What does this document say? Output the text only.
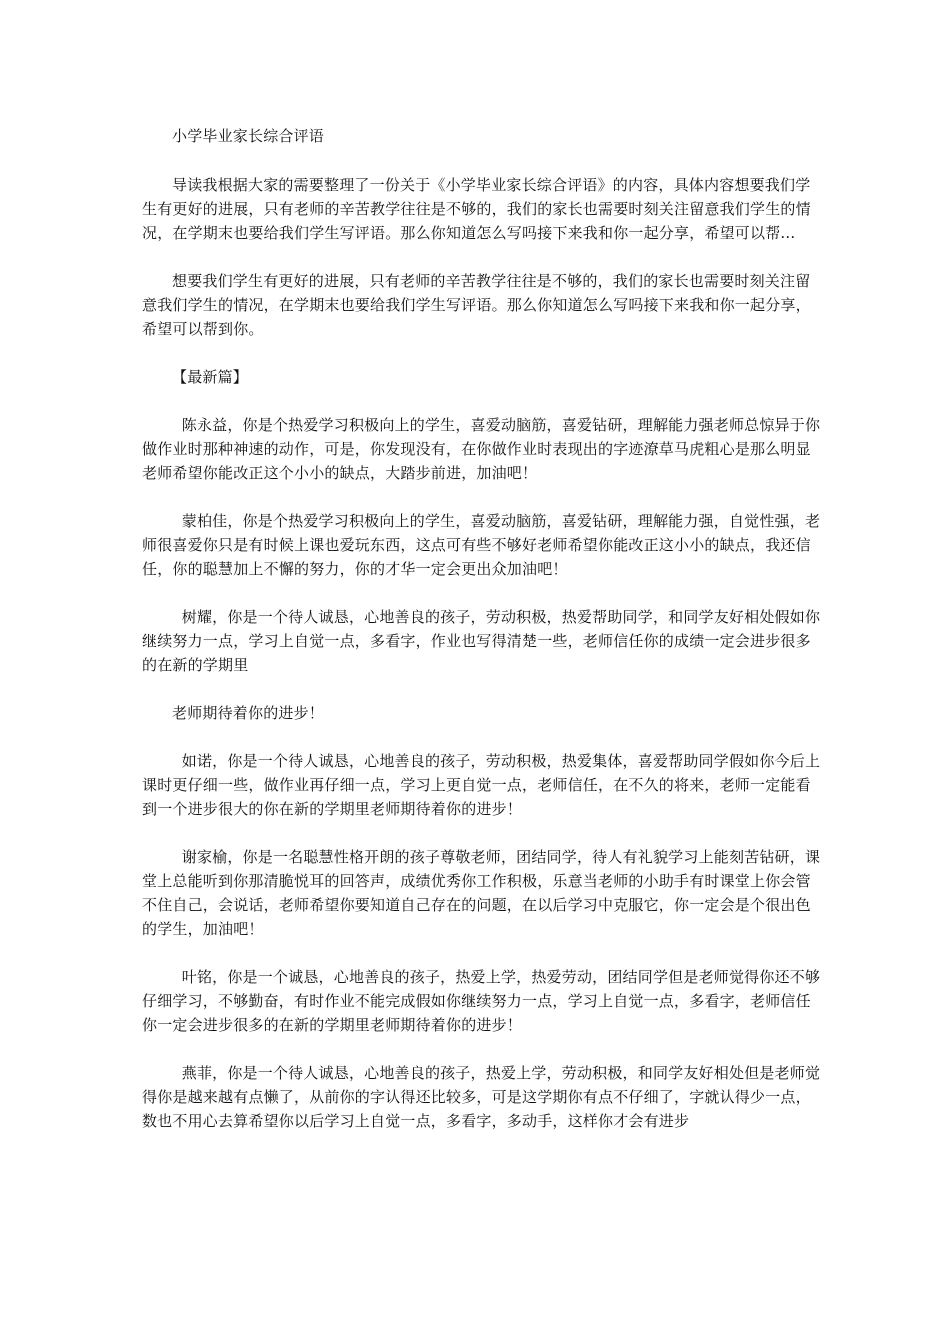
小学毕业家长综合评语

导读我根据大家的需要整理了一份关于《小学毕业家长综合评语》的内容，具体内容想要我们学生有更好的进展，只有老师的辛苦教学往往是不够的，我们的家长也需要时刻关注留意我们学生的情况，在学期末也要给我们学生写评语。那么你知道怎么写吗接下来我和你一起分享，希望可以帮...

想要我们学生有更好的进展，只有老师的辛苦教学往往是不够的，我们的家长也需要时刻关注留意我们学生的情况，在学期末也要给我们学生写评语。那么你知道怎么写吗接下来我和你一起分享，希望可以帮到你。

【最新篇】

陈永益，你是个热爱学习积极向上的学生，喜爱动脑筋，喜爱钻研，理解能力强老师总惊异于你做作业时那种神速的动作，可是，你发现没有，在你做作业时表现出的字迹潦草马虎粗心是那么明显老师希望你能改正这个小小的缺点，大踏步前进，加油吧！

蒙柏佳，你是个热爱学习积极向上的学生，喜爱动脑筋，喜爱钻研，理解能力强，自觉性强，老师很喜爱你只是有时候上课也爱玩东西，这点可有些不够好老师希望你能改正这小小的缺点，我还信任，你的聪慧加上不懈的努力，你的才华一定会更出众加油吧！

树耀，你是一个待人诚恳，心地善良的孩子，劳动积极，热爱帮助同学，和同学友好相处假如你继续努力一点，学习上自觉一点，多看字，作业也写得清楚一些，老师信任你的成绩一定会进步很多的在新的学期里

老师期待着你的进步！

如诺，你是一个待人诚恳，心地善良的孩子，劳动积极，热爱集体，喜爱帮助同学假如你今后上课时更仔细一些，做作业再仔细一点，学习上更自觉一点，老师信任，在不久的将来，老师一定能看到一个进步很大的你在新的学期里老师期待着你的进步！

谢家榆，你是一名聪慧性格开朗的孩子尊敬老师，团结同学，待人有礼貌学习上能刻苦钻研，课堂上总能听到你那清脆悦耳的回答声，成绩优秀你工作积极，乐意当老师的小助手有时课堂上你会管不住自己，会说话，老师希望你要知道自己存在的问题，在以后学习中克服它，你一定会是个很出色的学生，加油吧！

叶铭，你是一个诚恳，心地善良的孩子，热爱上学，热爱劳动，团结同学但是老师觉得你还不够仔细学习，不够勤奋，有时作业不能完成假如你继续努力一点，学习上自觉一点，多看字，老师信任你一定会进步很多的在新的学期里老师期待着你的进步！

燕菲，你是一个待人诚恳，心地善良的孩子，热爱上学，劳动积极，和同学友好相处但是老师觉得你是越来越有点懒了，从前你的字认得还比较多，可是这学期你有点不仔细了，字就认得少一点，数也不用心去算希望你以后学习上自觉一点，多看字，多动手，这样你才会有进步
